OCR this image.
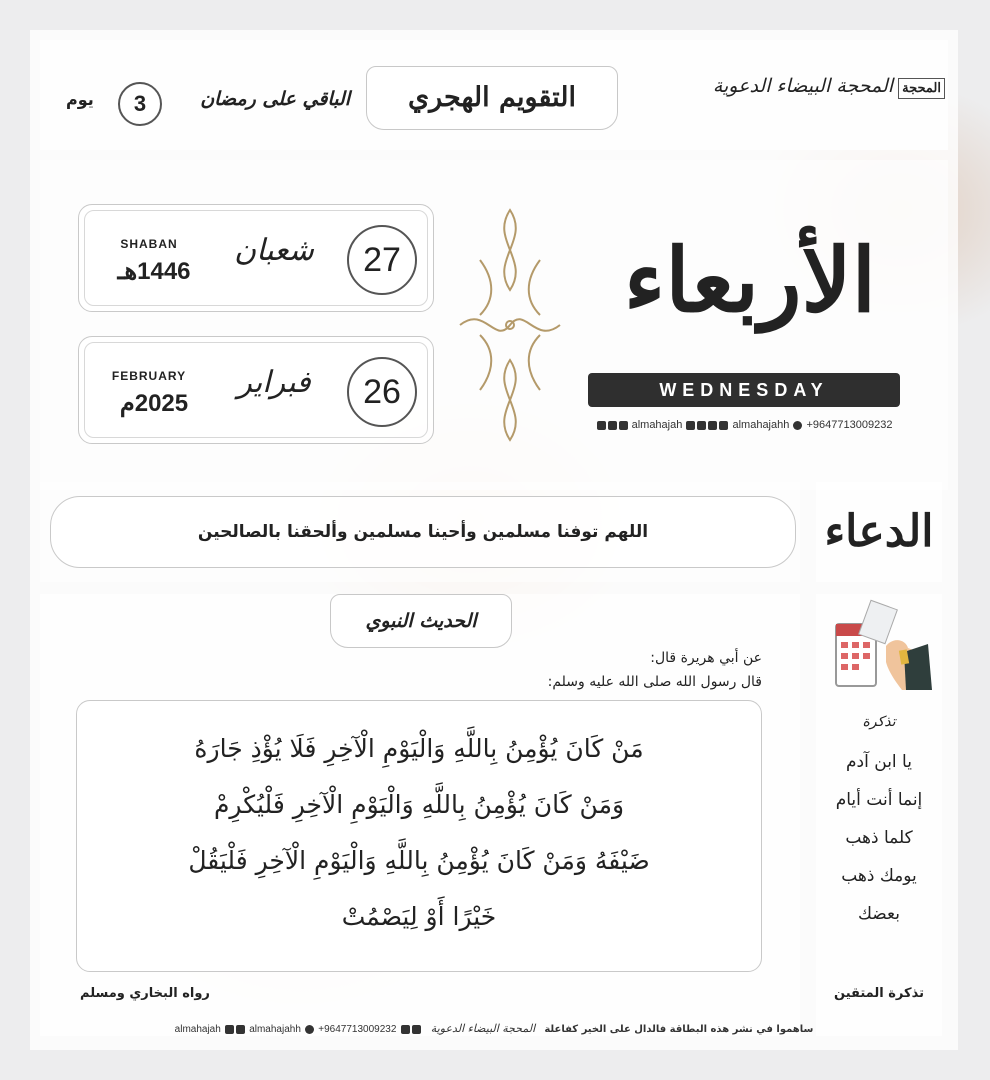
المحجة المحجة البيضاء الدعوية
التقويم الهجري
الباقي على رمضان
3
يوم
الأربعاء
WEDNESDAY
almahajah	almahajahh +9647713009232
27
شعبان
SHABAN
1446هـ
26
فبراير
FEBRUARY
2025م
الدعاء
اللهم توفنا مسلمين وأحينا مسلمين وألحقنا بالصالحين
الحديث النبوي
عن أبي هريرة قال:
قال رسول الله صلى الله عليه وسلم:
مَنْ كَانَ يُؤْمِنُ بِاللَّهِ وَالْيَوْمِ الْآخِرِ فَلَا يُؤْذِ جَارَهُ
وَمَنْ كَانَ يُؤْمِنُ بِاللَّهِ وَالْيَوْمِ الْآخِرِ فَلْيُكْرِمْ
ضَيْفَهُ وَمَنْ كَانَ يُؤْمِنُ بِاللَّهِ وَالْيَوْمِ الْآخِرِ فَلْيَقُلْ
خَيْرًا أَوْ لِيَصْمُتْ
رواه البخاري ومسلم
تذكرة
يا ابن آدم
إنما أنت أيام
كلما ذهب
يومك ذهب
بعضك
تذكرة المتقين
ساهموا في نشر هذه البطاقة فالدال على الخير كفاعلة المحجة البيضاء الدعوية  almahajah	almahajahh +9647713009232
